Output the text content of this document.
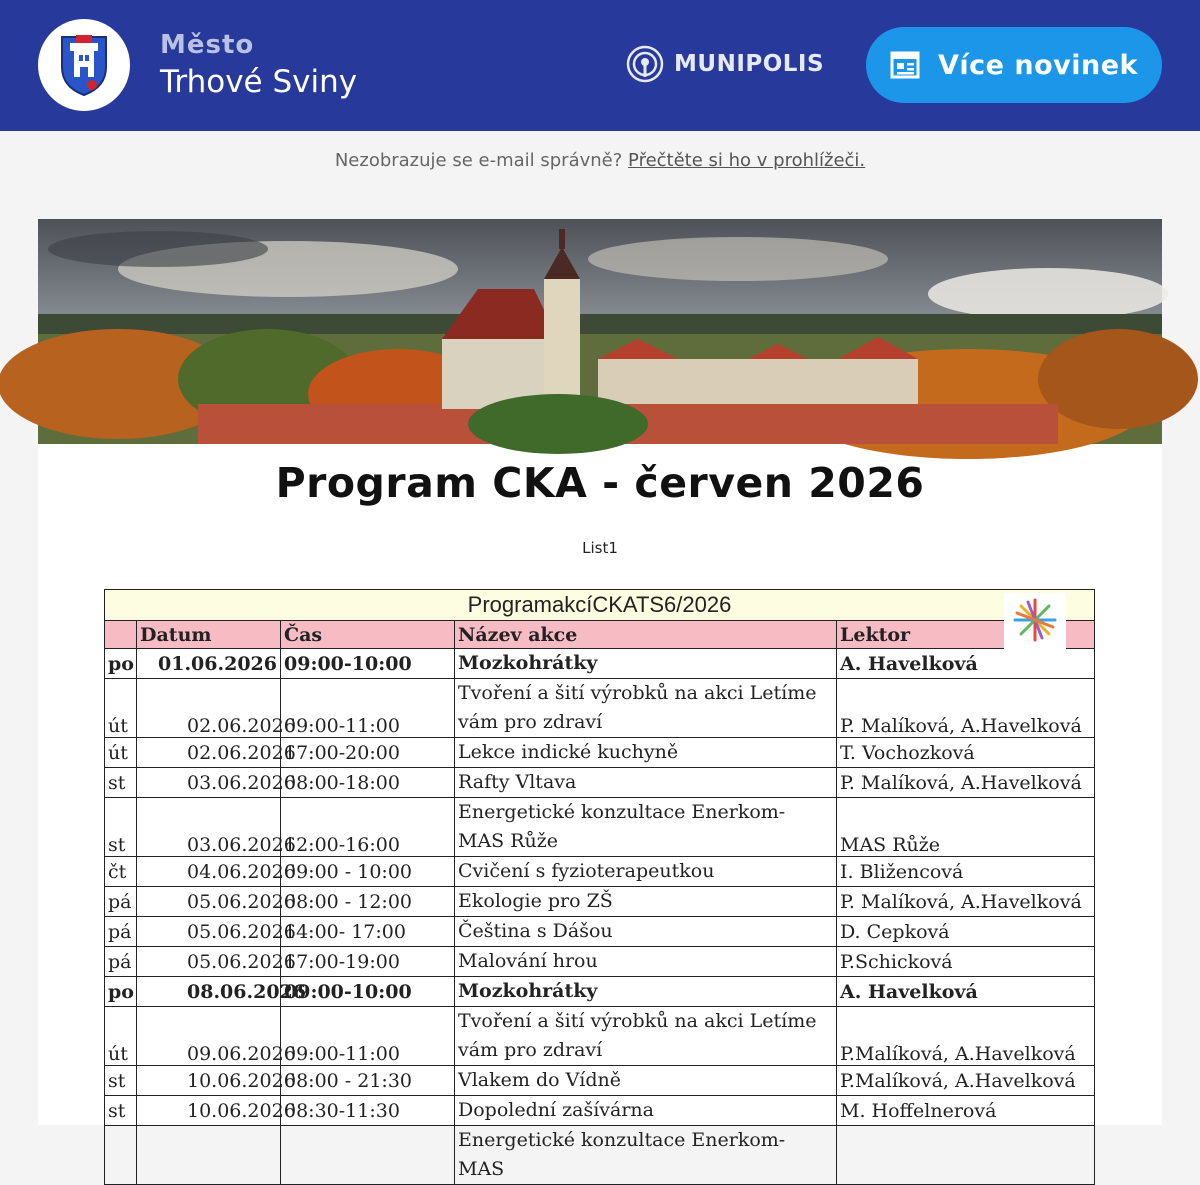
Město
Trhové Sviny	MUNIPOLIS	Více novinek
Nezobrazuje se e-mail správně? Přečtěte si ho v prohlížeči.
Program CKA - červen 2026
List1
ProgramakcíCKATS6/2026				
	Datum	Čas	Název akce	Lektor
po	01.06.2026	09:00-10:00	Mozkohrátky	A. Havelková
út	02.06.2026	09:00-11:00	Tvoření a šití výrobků na akci Letíme vám pro zdraví	P. Malíková, A.Havelková
út	02.06.2026	17:00-20:00	Lekce indické kuchyně	T. Vochozková
st	03.06.2026	08:00-18:00	Rafty Vltava	P. Malíková, A.Havelková
st	03.06.2026	12:00-16:00	Energetické konzultace Enerkom- MAS Růže	MAS Růže
čt	04.06.2026	09:00 - 10:00	Cvičení s fyzioterapeutkou	I. Bližencová
pá	05.06.2026	08:00 - 12:00	Ekologie pro ZŠ	P. Malíková, A.Havelková
pá	05.06.2026	14:00- 17:00	Čeština s Dášou	D. Cepková
pá	05.06.2026	17:00-19:00	Malování hrou	P.Schicková
po	08.06.2026	09:00-10:00	Mozkohrátky	A. Havelková
út	09.06.2026	09:00-11:00	Tvoření a šití výrobků na akci Letíme vám pro zdraví	P.Malíková, A.Havelková
st	10.06.2026	08:00 - 21:30	Vlakem do Vídně	P.Malíková, A.Havelková
st	10.06.2026	08:30-11:30	Dopolední zašívárna	M. Hoffelnerová
			Energetické konzultace Enerkom- MAS	
